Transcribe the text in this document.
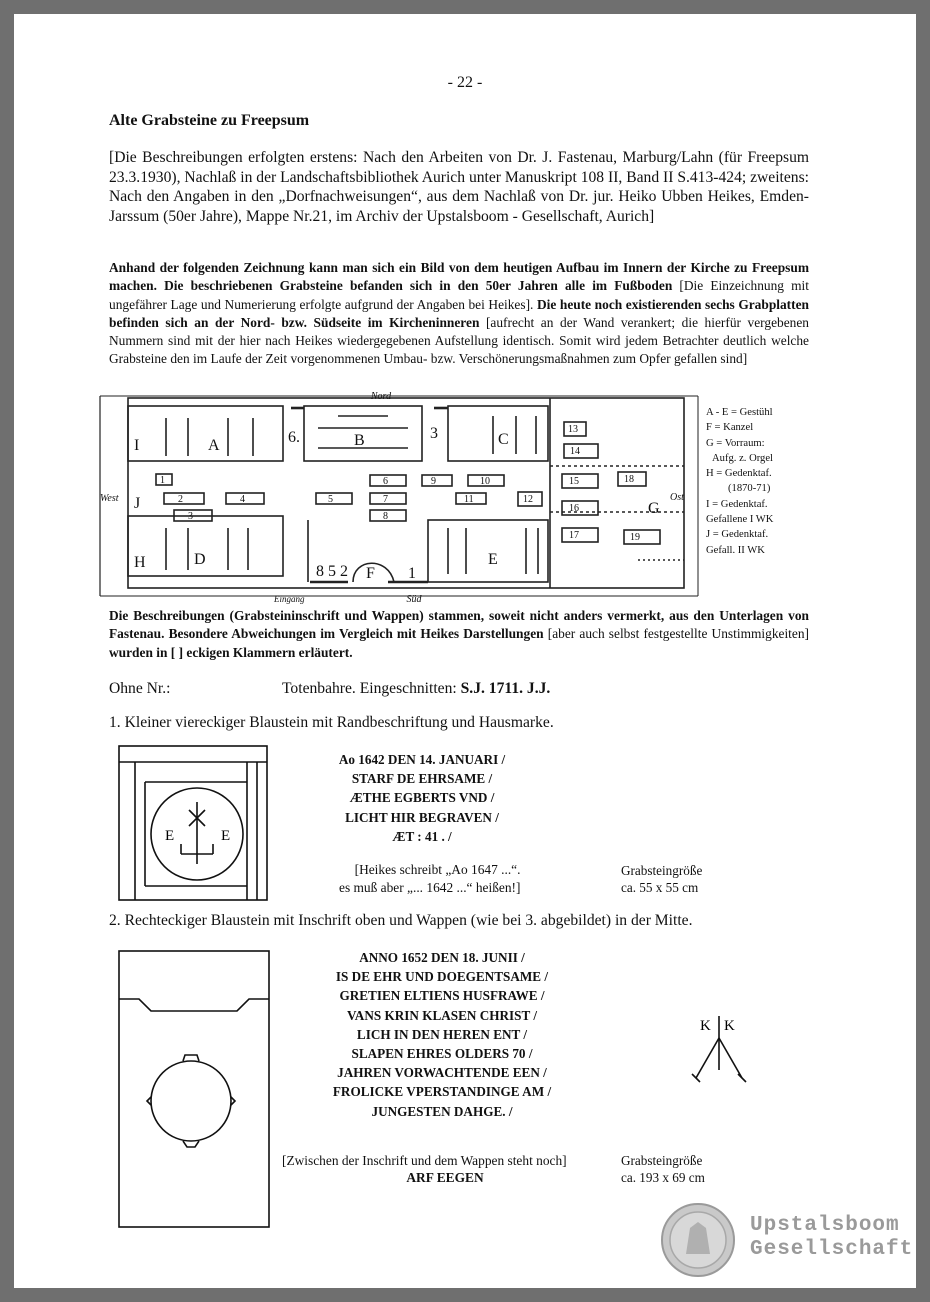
- 22 -
Alte Grabsteine zu Freepsum
[Die Beschreibungen erfolgten erstens: Nach den Arbeiten von Dr. J. Fastenau, Marburg/Lahn (für Freepsum 23.3.1930), Nachlaß in der Landschaftsbibliothek Aurich unter Manuskript 108 II, Band II S.413-424; zweitens: Nach den Angaben in den „Dorfnachweisungen“, aus dem Nachlaß von Dr. jur. Heiko Ubben Heikes, Emden-Jarssum (50er Jahre), Mappe Nr.21, im Archiv der Upstalsboom - Gesellschaft, Aurich]
Anhand der folgenden Zeichnung kann man sich ein Bild von dem heutigen Aufbau im Innern der Kirche zu Freepsum machen. Die beschriebenen Grabsteine befanden sich in den 50er Jahren alle im Fußboden [Die Einzeichnung mit ungefährer Lage und Numerierung erfolgte aufgrund der Angaben bei Heikes]. Die heute noch existierenden sechs Grabplatten befinden sich an der Nord- bzw. Südseite im Kircheninneren [aufrecht an der Wand verankert; die hierfür vergebenen Nummern sind mit der hier nach Heikes wiedergegebenen Aufstellung identisch. Somit wird jedem Betrachter deutlich welche Grabsteine den im Laufe der Zeit vorgenommenen Umbau- bzw. Verschönerungsmaßnahmen zum Opfer gefallen sind]
Nord
Süd
West	Ost
Eingang
I	A	6.	B	3	C
J	G
H	D	E
8 5 2 F 1
1
2
3
4	5
6
7
8
9	10
11	12
13
14
15
16
17
18
19
A - E = Gestühl
F = Kanzel
G = Vorraum:
Aufg. z. Orgel
H = Gedenktaf.
(1870-71)
I = Gedenktaf.
Gefallene I WK
J = Gedenktaf.
Gefall. II WK
Die Beschreibungen (Grabsteininschrift und Wappen) stammen, soweit nicht anders vermerkt, aus den Unterlagen von Fastenau. Besondere Abweichungen im Vergleich mit Heikes Darstellungen [aber auch selbst festgestellte Unstimmigkeiten] wurden in [ ] eckigen Klammern erläutert.
Ohne Nr.:	Totenbahre. Eingeschnitten: S.J. 1711. J.J.
1. Kleiner viereckiger Blaustein mit Randbeschriftung und Hausmarke.
E	E
Ao 1642 DEN 14. JANUARI /
STARF DE EHRSAME /
ÆTHE EGBERTS VND /
LICHT HIR BEGRAVEN /
ÆT : 41 . /
[Heikes schreibt „Ao 1647 ...“.
es muß aber „... 1642 ...“ heißen!]
Grabsteingröße
ca. 55 x 55 cm
2. Rechteckiger Blaustein mit Inschrift oben und Wappen (wie bei 3. abgebildet) in der Mitte.
ANNO 1652 DEN 18. JUNII /
IS DE EHR UND DOEGENTSAME /
GRETIEN ELTIENS HUSFRAWE /
VANS KRIN KLASEN CHRIST /
LICH IN DEN HEREN ENT /
SLAPEN EHRES OLDERS 70 /
JAHREN VORWACHTENDE EEN /
FROLICKE VPERSTANDINGE AM /
JUNGESTEN DAHGE. /
K K
[Zwischen der Inschrift und dem Wappen steht noch]
ARF EEGEN
Grabsteingröße
ca. 193 x 69 cm
Upstalsboom
Gesellschaft
